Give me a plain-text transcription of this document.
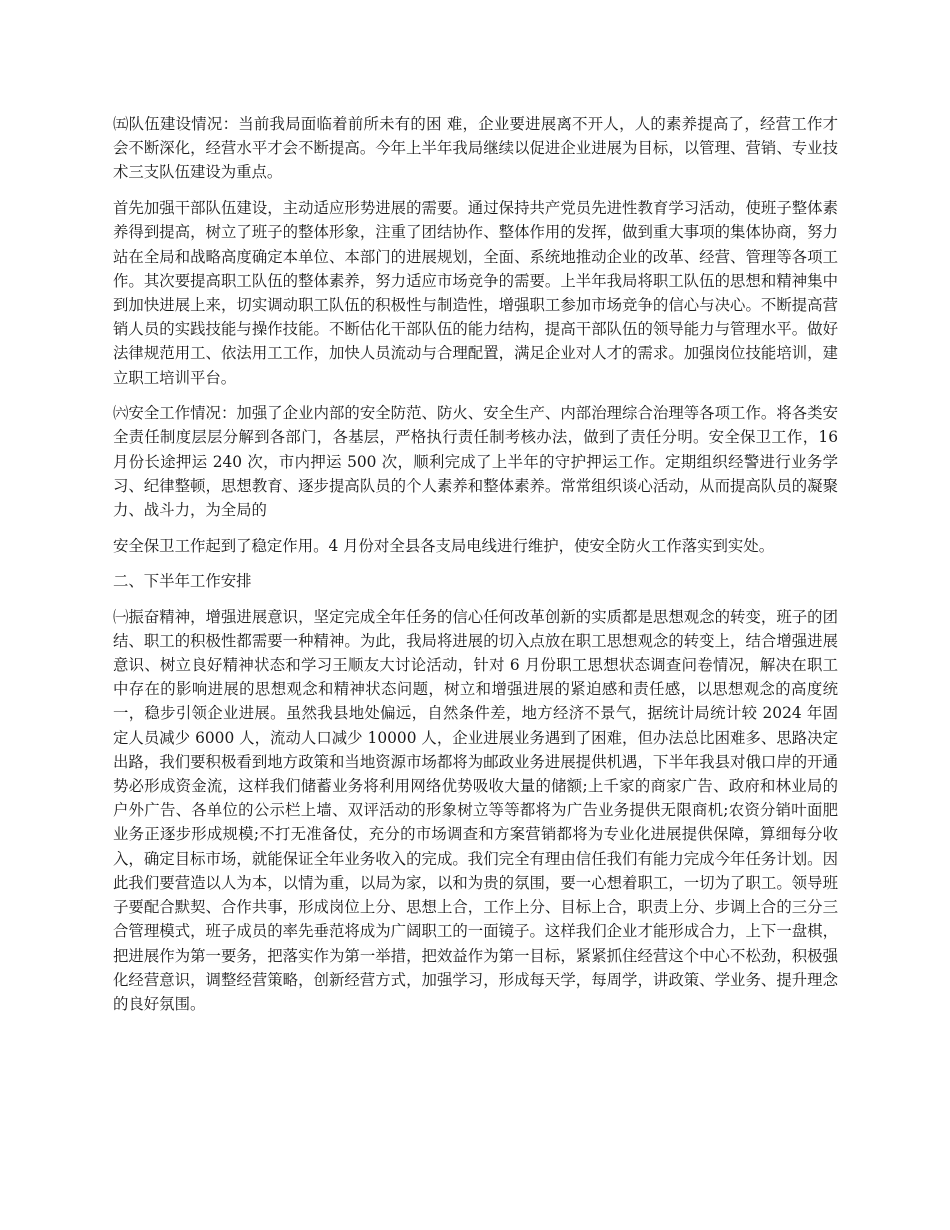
㈤队伍建设情况：当前我局面临着前所未有的困 难，企业要进展离不开人，人的素养提高了，经营工作才会不断深化，经营水平才会不断提高。今年上半年我局继续以促进企业进展为目标，以管理、营销、专业技术三支队伍建设为重点。

首先加强干部队伍建设，主动适应形势进展的需要。通过保持共产党员先进性教育学习活动，使班子整体素养得到提高，树立了班子的整体形象，注重了团结协作、整体作用的发挥，做到重大事项的集体协商，努力站在全局和战略高度确定本单位、本部门的进展规划，全面、系统地推动企业的改革、经营、管理等各项工作。其次要提高职工队伍的整体素养，努力适应市场竞争的需要。上半年我局将职工队伍的思想和精神集中到加快进展上来，切实调动职工队伍的积极性与制造性，增强职工参加市场竞争的信心与决心。不断提高营销人员的实践技能与操作技能。不断估化干部队伍的能力结构，提高干部队伍的领导能力与管理水平。做好法律规范用工、依法用工工作，加快人员流动与合理配置，满足企业对人才的需求。加强岗位技能培训，建立职工培训平台。

㈥安全工作情况：加强了企业内部的安全防范、防火、安全生产、内部治理综合治理等各项工作。将各类安全责任制度层层分解到各部门，各基层，严格执行责任制考核办法，做到了责任分明。安全保卫工作，16 月份长途押运 240 次，市内押运 500 次，顺利完成了上半年的守护押运工作。定期组织经警进行业务学习、纪律整顿，思想教育、逐步提高队员的个人素养和整体素养。常常组织谈心活动，从而提高队员的凝聚力、战斗力，为全局的

安全保卫工作起到了稳定作用。4 月份对全县各支局电线进行维护，使安全防火工作落实到实处。

二、下半年工作安排

㈠振奋精神，增强进展意识，坚定完成全年任务的信心任何改革创新的实质都是思想观念的转变，班子的团结、职工的积极性都需要一种精神。为此，我局将进展的切入点放在职工思想观念的转变上，结合增强进展意识、树立良好精神状态和学习王顺友大讨论活动，针对 6 月份职工思想状态调查问卷情况，解决在职工中存在的影响进展的思想观念和精神状态问题，树立和增强进展的紧迫感和责任感，以思想观念的高度统一，稳步引领企业进展。虽然我县地处偏远，自然条件差，地方经济不景气，据统计局统计较 2024 年固定人员减少 6000 人，流动人口减少 10000 人，企业进展业务遇到了困难，但办法总比困难多、思路决定出路，我们要积极看到地方政策和当地资源市场都将为邮政业务进展提供机遇，下半年我县对俄口岸的开通势必形成资金流，这样我们储蓄业务将利用网络优势吸收大量的储额;上千家的商家广告、政府和林业局的户外广告、各单位的公示栏上墙、双评活动的形象树立等等都将为广告业务提供无限商机;农资分销叶面肥业务正逐步形成规模;不打无准备仗，充分的市场调查和方案营销都将为专业化进展提供保障，算细每分收入，确定目标市场，就能保证全年业务收入的完成。我们完全有理由信任我们有能力完成今年任务计划。因此我们要营造以人为本，以情为重，以局为家，以和为贵的氛围，要一心想着职工，一切为了职工。领导班子要配合默契、合作共事，形成岗位上分、思想上合，工作上分、目标上合，职责上分、步调上合的三分三合管理模式，班子成员的率先垂范将成为广阔职工的一面镜子。这样我们企业才能形成合力，上下一盘棋，把进展作为第一要务，把落实作为第一举措，把效益作为第一目标，紧紧抓住经营这个中心不松劲，积极强化经营意识，调整经营策略，创新经营方式，加强学习，形成每天学，每周学，讲政策、学业务、提升理念的良好氛围。
